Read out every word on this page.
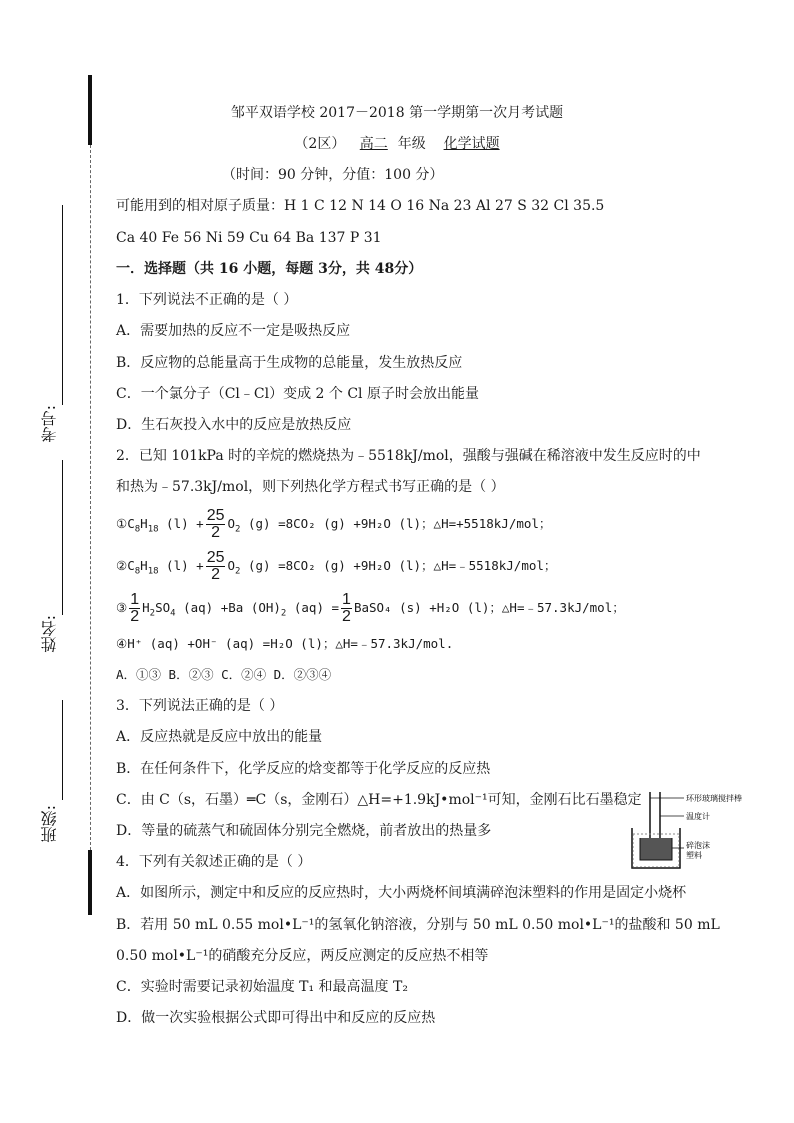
考号:
姓名:
班级:
邹平双语学校 2017－2018 第一学期第一次月考试题
（2区） 高二 年级 化学试题
（时间：90 分钟，分值：100 分）
可能用到的相对原子质量：H 1 C 12 N 14 O 16 Na 23 Al 27 S 32 Cl 35.5
Ca 40 Fe 56 Ni 59 Cu 64 Ba 137 P 31
一．选择题（共 16 小题，每题 3分，共 48分）
1．下列说法不正确的是（ ）
A．需要加热的反应不一定是吸热反应
B．反应物的总能量高于生成物的总能量，发生放热反应
C．一个氯分子（Cl﹣Cl）变成 2 个 Cl 原子时会放出能量
D．生石灰投入水中的反应是放热反应
2．已知 101kPa 时的辛烷的燃烧热为﹣5518kJ/mol，强酸与强碱在稀溶液中发生反应时的中
和热为﹣57.3kJ/mol，则下列热化学方程式书写正确的是（ ）
$①C_8H_{18}$ $(l) + \frac{25}{2} O_2$ (g) =8CO₂ (g) +9H₂O (l)；△H=+5518kJ/mol；
$②C_8H_{18}$ $(l) + \frac{25}{2} O_2$ (g) =8CO₂ (g) +9H₂O (l)；△H=﹣5518kJ/mol；
③ $\frac{1}{2} H_2SO_4$ (aq) +Ba $(OH)_2$ $(aq) = \frac{1}{2}$ BaSO₄ (s) +H₂O (l)；△H=﹣57.3kJ/mol；
④H⁺ (aq) +OH⁻ (aq) =H₂O (l)；△H=﹣57.3kJ/mol.
A．①③ B．②③ C．②④ D．②③④
3．下列说法正确的是（ ）
A．反应热就是反应中放出的能量
B．在任何条件下，化学反应的焓变都等于化学反应的反应热
C．由 C（s，石墨）═C（s，金刚石）△H=+1.9kJ•mol⁻¹可知，金刚石比石墨稳定
D．等量的硫蒸气和硫固体分别完全燃烧，前者放出的热量多
环形玻璃搅拌棒
温度计
碎泡沫
塑料
4．下列有关叙述正确的是（ ）
A．如图所示，测定中和反应的反应热时，大小两烧杯间填满碎泡沫塑料的作用是固定小烧杯
B．若用 50 mL 0.55 mol•L⁻¹的氢氧化钠溶液，分别与 50 mL 0.50 mol•L⁻¹的盐酸和 50 mL
0.50 mol•L⁻¹的硝酸充分反应，两反应测定的反应热不相等
C．实验时需要记录初始温度 T₁ 和最高温度 T₂
D．做一次实验根据公式即可得出中和反应的反应热
